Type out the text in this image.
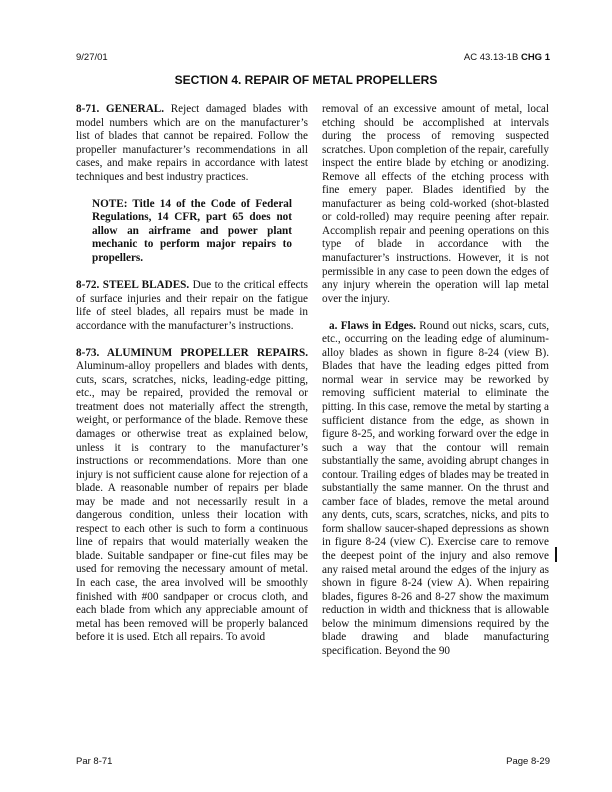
9/27/01	AC 43.13-1B CHG 1
SECTION 4. REPAIR OF METAL PROPELLERS

8-71. GENERAL. Reject damaged blades with model numbers which are on the manufacturer’s list of blades that cannot be repaired. Follow the propeller manufacturer’s recommendations in all cases, and make repairs in accordance with latest techniques and best industry practices.

NOTE: Title 14 of the Code of Federal Regulations, 14 CFR, part 65 does not allow an airframe and power plant mechanic to perform major repairs to propellers.

8-72. STEEL BLADES. Due to the critical effects of surface injuries and their repair on the fatigue life of steel blades, all repairs must be made in accordance with the manufacturer’s instructions.

8-73. ALUMINUM PROPELLER REPAIRS. Aluminum-alloy propellers and blades with dents, cuts, scars, scratches, nicks, leading-edge pitting, etc., may be repaired, provided the removal or treatment does not materially affect the strength, weight, or performance of the blade. Remove these damages or otherwise treat as explained below, unless it is contrary to the manufacturer’s instructions or recommendations. More than one injury is not sufficient cause alone for rejection of a blade. A reasonable number of repairs per blade may be made and not necessarily result in a dangerous condition, unless their location with respect to each other is such to form a continuous line of repairs that would materially weaken the blade. Suitable sandpaper or fine-cut files may be used for removing the necessary amount of metal. In each case, the area involved will be smoothly finished with #00 sandpaper or crocus cloth, and each blade from which any appreciable amount of metal has been removed will be properly balanced before it is used. Etch all repairs. To avoid

removal of an excessive amount of metal, local etching should be accomplished at intervals during the process of removing suspected scratches. Upon completion of the repair, carefully inspect the entire blade by etching or anodizing. Remove all effects of the etching process with fine emery paper. Blades identified by the manufacturer as being cold-worked (shot-blasted or cold-rolled) may require peening after repair. Accomplish repair and peening operations on this type of blade in accordance with the manufacturer’s instructions. However, it is not permissible in any case to peen down the edges of any injury wherein the operation will lap metal over the injury.

a. Flaws in Edges. Round out nicks, scars, cuts, etc., occurring on the leading edge of aluminum-alloy blades as shown in figure 8-24 (view B). Blades that have the leading edges pitted from normal wear in service may be reworked by removing sufficient material to eliminate the pitting. In this case, remove the metal by starting a sufficient distance from the edge, as shown in figure 8-25, and working forward over the edge in such a way that the contour will remain substantially the same, avoiding abrupt changes in contour. Trailing edges of blades may be treated in substantially the same manner. On the thrust and camber face of blades, remove the metal around any dents, cuts, scars, scratches, nicks, and pits to form shallow saucer-shaped depressions as shown in figure 8-24 (view C). Exercise care to remove the deepest point of the injury and also remove any raised metal around the edges of the injury as shown in figure 8-24 (view A). When repairing blades, figures 8-26 and 8-27 show the maximum reduction in width and thickness that is allowable below the minimum dimensions required by the blade drawing and blade manufacturing specification. Beyond the 90

Par 8-71	Page 8-29
